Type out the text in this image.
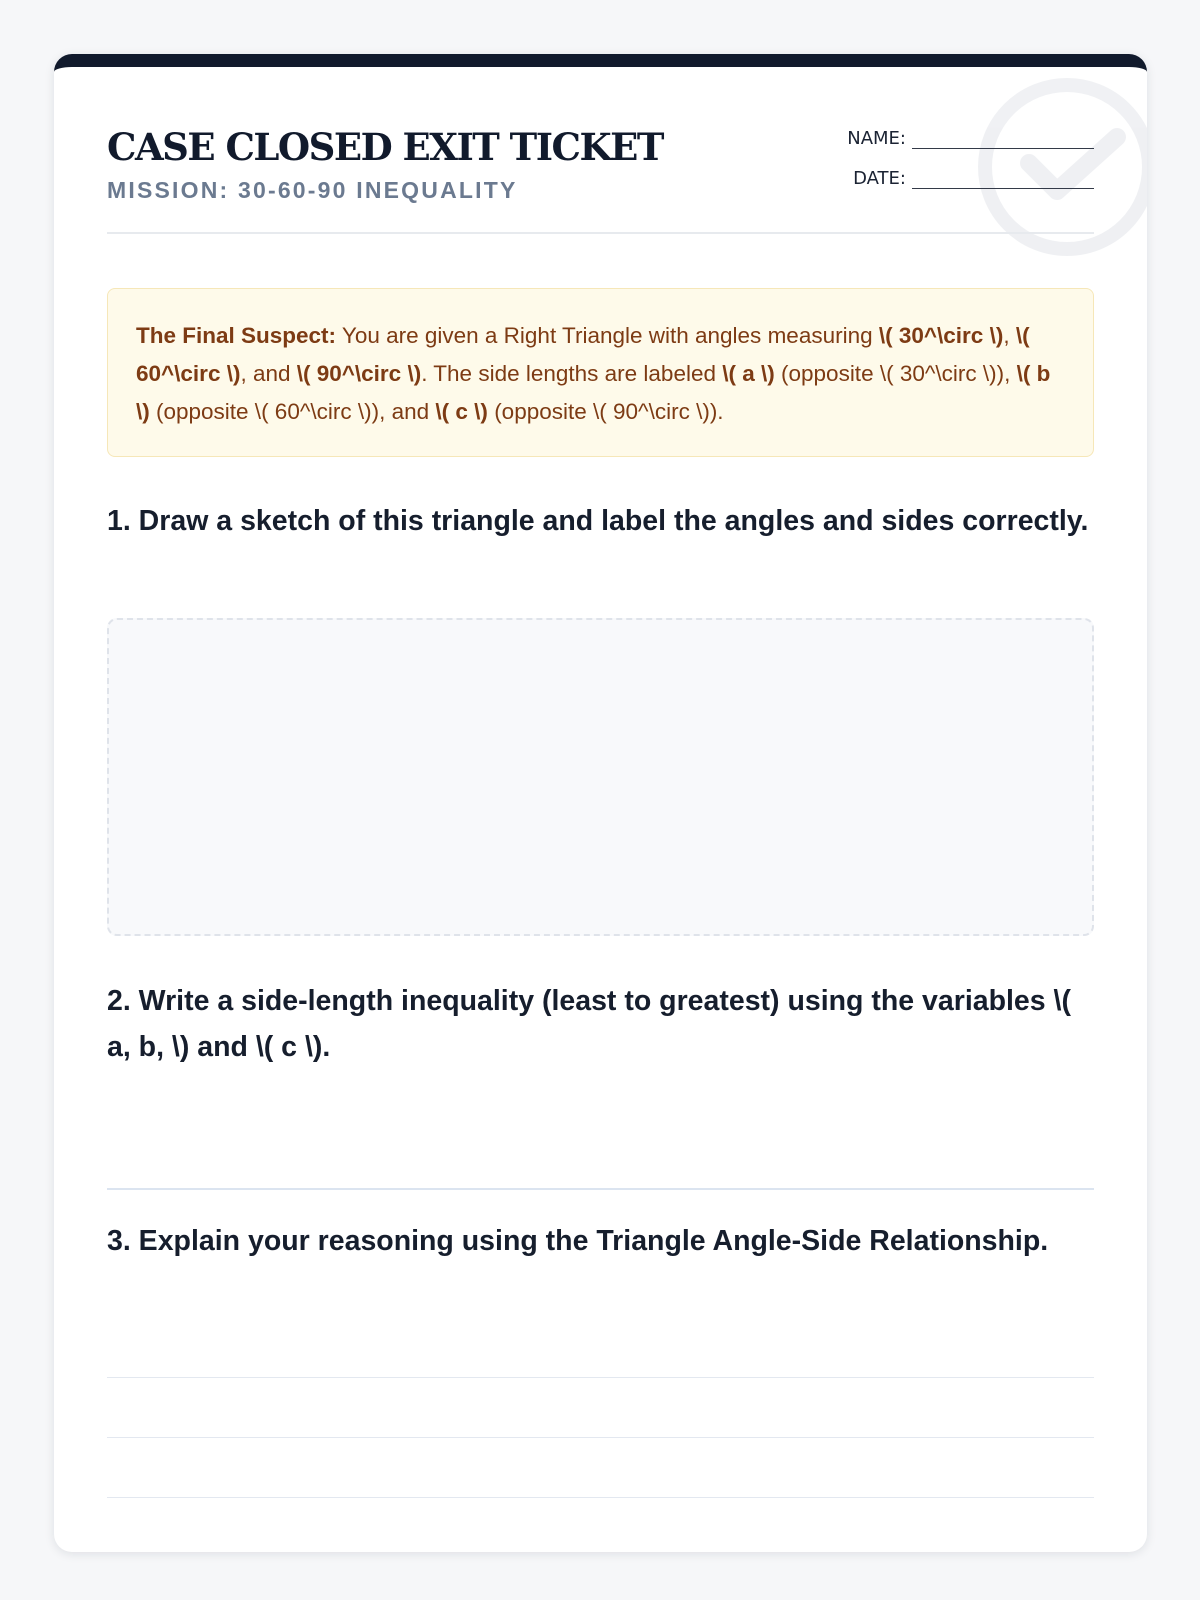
CASE CLOSED EXIT TICKET
MISSION: 30-60-90 INEQUALITY
NAME:
DATE:
The Final Suspect: You are given a Right Triangle with angles measuring \( 30^\circ \), \( 60^\circ \), and \( 90^\circ \). The side lengths are labeled \( a \) (opposite \( 30^\circ \)), \( b \) (opposite \( 60^\circ \)), and \( c \) (opposite \( 90^\circ \)).
1. Draw a sketch of this triangle and label the angles and sides correctly.
2. Write a side-length inequality (least to greatest) using the variables \( a, b, \) and \( c \).
3. Explain your reasoning using the Triangle Angle-Side Relationship.
